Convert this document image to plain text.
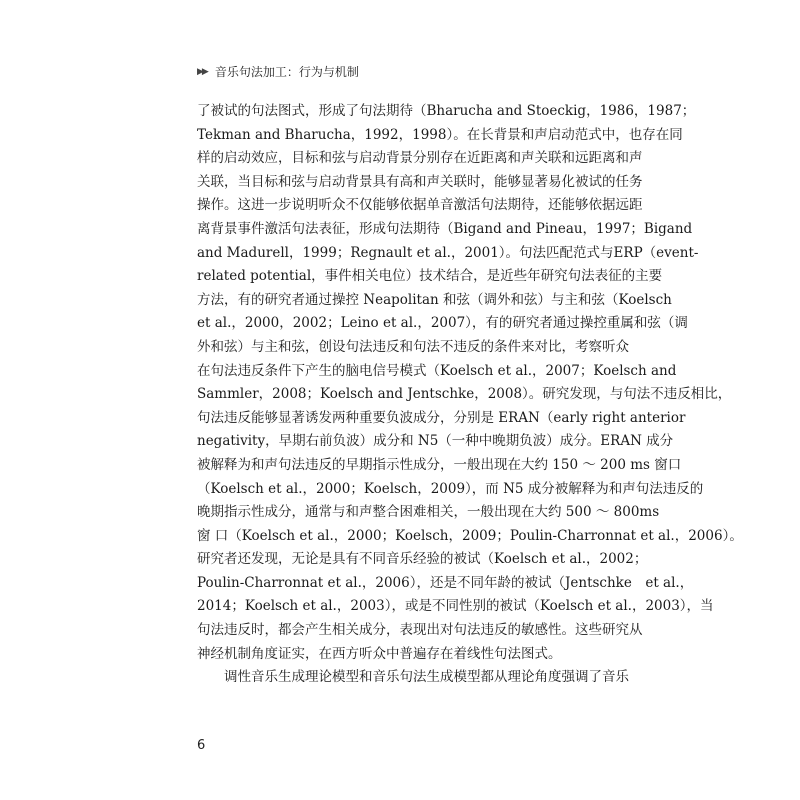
▶▶ 音乐句法加工：行为与机制
了被试的句法图式，形成了句法期待（Bharucha and Stoeckig，1986，1987；
Tekman and Bharucha，1992，1998）。在长背景和声启动范式中，也存在同
样的启动效应，目标和弦与启动背景分别存在近距离和声关联和远距离和声
关联，当目标和弦与启动背景具有高和声关联时，能够显著易化被试的任务
操作。这进一步说明听众不仅能够依据单音激活句法期待，还能够依据远距
离背景事件激活句法表征，形成句法期待（Bigand and Pineau，1997；Bigand
and Madurell，1999；Regnault et al.，2001）。句法匹配范式与ERP（event-
related potential，事件相关电位）技术结合，是近些年研究句法表征的主要
方法，有的研究者通过操控 Neapolitan 和弦（调外和弦）与主和弦（Koelsch
et al.，2000，2002；Leino et al.，2007），有的研究者通过操控重属和弦（调
外和弦）与主和弦，创设句法违反和句法不违反的条件来对比，考察听众
在句法违反条件下产生的脑电信号模式（Koelsch et al.，2007；Koelsch and
Sammler，2008；Koelsch and Jentschke，2008）。研究发现，与句法不违反相比，
句法违反能够显著诱发两种重要负波成分，分别是 ERAN（early right anterior
negativity，早期右前负波）成分和 N5（一种中晚期负波）成分。ERAN 成分
被解释为和声句法违反的早期指示性成分，一般出现在大约 150 ～ 200 ms 窗口
（Koelsch et al.，2000；Koelsch，2009），而 N5 成分被解释为和声句法违反的
晚期指示性成分，通常与和声整合困难相关，一般出现在大约 500 ～ 800ms
窗 口（Koelsch et al.，2000；Koelsch，2009；Poulin-Charronnat et al.，2006）。
研究者还发现，无论是具有不同音乐经验的被试（Koelsch et al.，2002；
Poulin-Charronnat et al.，2006），还是不同年龄的被试（Jentschke　et al.，
2014；Koelsch et al.，2003），或是不同性别的被试（Koelsch et al.，2003），当
句法违反时，都会产生相关成分，表现出对句法违反的敏感性。这些研究从
神经机制角度证实，在西方听众中普遍存在着线性句法图式。
调性音乐生成理论模型和音乐句法生成模型都从理论角度强调了音乐
6
